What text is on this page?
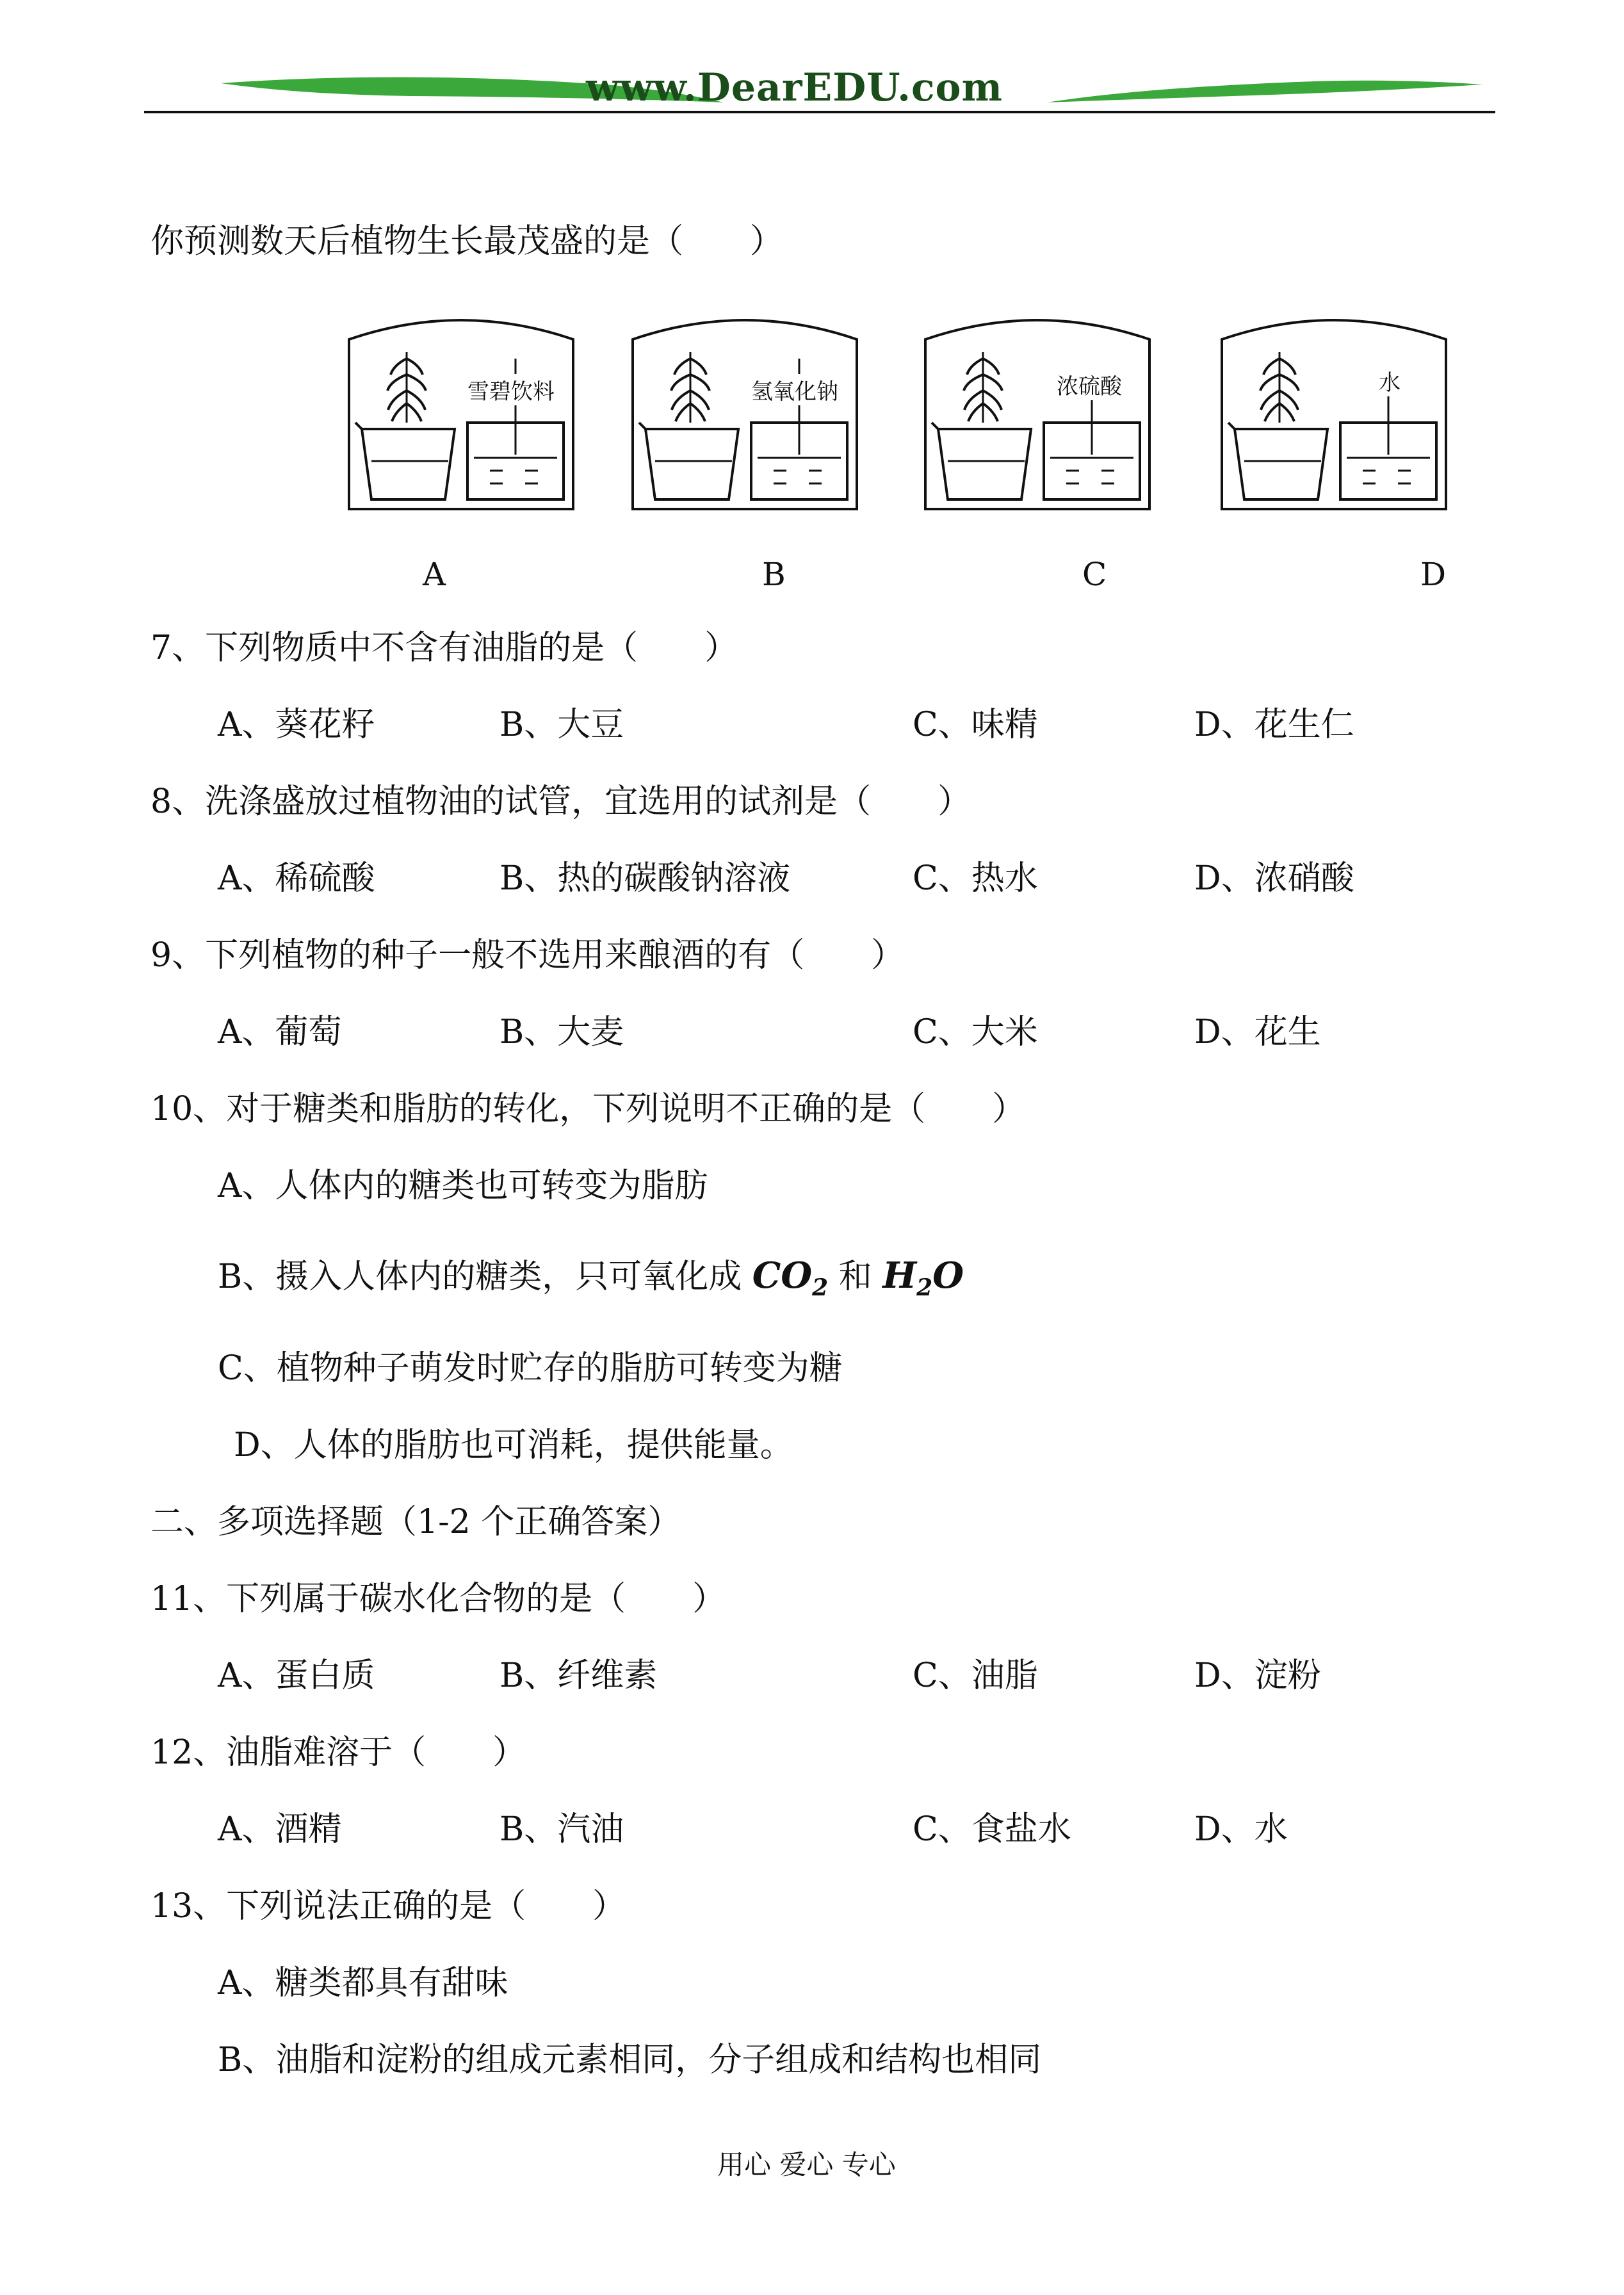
www.DearEDU.com
你预测数天后植物生长最茂盛的是（　　）
雪碧饮料	氢氧化钠	浓硫酸	水
A	B	C	D
7、下列物质中不含有油脂的是（　　）
A、葵花籽	B、大豆	C、味精	D、花生仁
8、洗涤盛放过植物油的试管，宜选用的试剂是（　　）
A、稀硫酸	B、热的碳酸钠溶液	C、热水	D、浓硝酸
9、下列植物的种子一般不选用来酿酒的有（　　）
A、葡萄	B、大麦	C、大米	D、花生
10、对于糖类和脂肪的转化，下列说明不正确的是（　　）
A、人体内的糖类也可转变为脂肪
B、摄入人体内的糖类，只可氧化成 $CO_2$ 和 $H_2O$
C、植物种子萌发时贮存的脂肪可转变为糖
D、人体的脂肪也可消耗，提供能量。
二、多项选择题（1-2 个正确答案）
11、下列属于碳水化合物的是（　　）
A、蛋白质	B、纤维素	C、油脂	D、淀粉
12、油脂难溶于（　　）
A、酒精	B、汽油	C、食盐水	D、水
13、下列说法正确的是（　　）
A、糖类都具有甜味
B、油脂和淀粉的组成元素相同，分子组成和结构也相同
用心 爱心 专心
